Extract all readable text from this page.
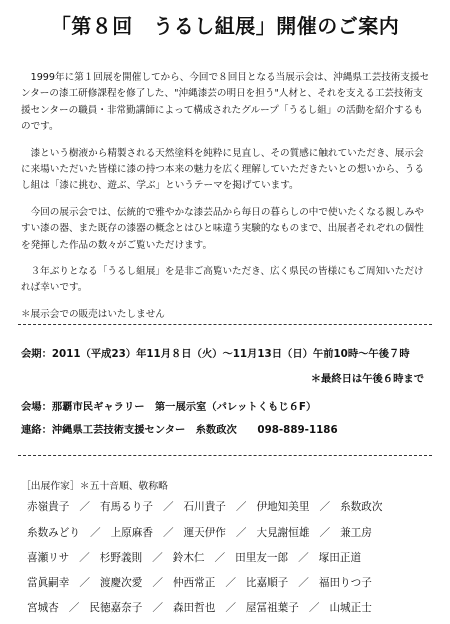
「第８回　うるし組展」開催のご案内

1999年に第１回展を開催してから、今回で８回目となる当展示会は、沖縄県工芸技術支援センターの漆工研修課程を修了した、"沖縄漆芸の明日を担う"人材と、それを支える工芸技術支援センターの職員・非常勤講師によって構成されたグループ「うるし組」の活動を紹介するものです。

漆という樹液から精製される天然塗料を純粋に見直し、その質感に触れていただき、展示会に来場いただいた皆様に漆の持つ本来の魅力を広く理解していただきたいとの想いから、うるし組は「漆に挑む、遊ぶ、学ぶ」というテーマを掲げています。

今回の展示会では、伝統的で雅やかな漆芸品から毎日の暮らしの中で使いたくなる親しみやすい漆の器、また既存の漆器の概念とはひと味違う実験的なものまで、出展者それぞれの個性を発揮した作品の数々がご覧いただけます。

３年ぶりとなる「うるし組展」を是非ご高覧いただき、広く県民の皆様にもご周知いただければ幸いです。

＊展示会での販売はいたしません

会期：2011（平成23）年11月８日（火）〜11月13日（日）午前10時〜午後７時
＊最終日は午後６時まで
会場：那覇市民ギャラリー　第一展示室（パレットくもじ６F）
連絡：沖縄県工芸技術支援センター　糸数政次　　098-889-1186
［出展作家］＊五十音順、敬称略
赤嶺貴子 ／ 有馬るり子 ／ 石川貴子 ／ 伊地知美里 ／ 糸数政次
糸数みどり ／ 上原麻香 ／ 運天伊作 ／ 大見謝恒雄 ／ 兼工房
喜瀬リサ ／ 杉野義則 ／ 鈴木仁 ／ 田里友一郎 ／ 塚田正道
當眞嗣幸 ／ 渡慶次愛 ／ 仲西常正 ／ 比嘉順子 ／ 福田りつ子
宮城杏 ／ 民徳嘉奈子 ／ 森田哲也 ／ 屋冨祖葉子 ／ 山城正士
